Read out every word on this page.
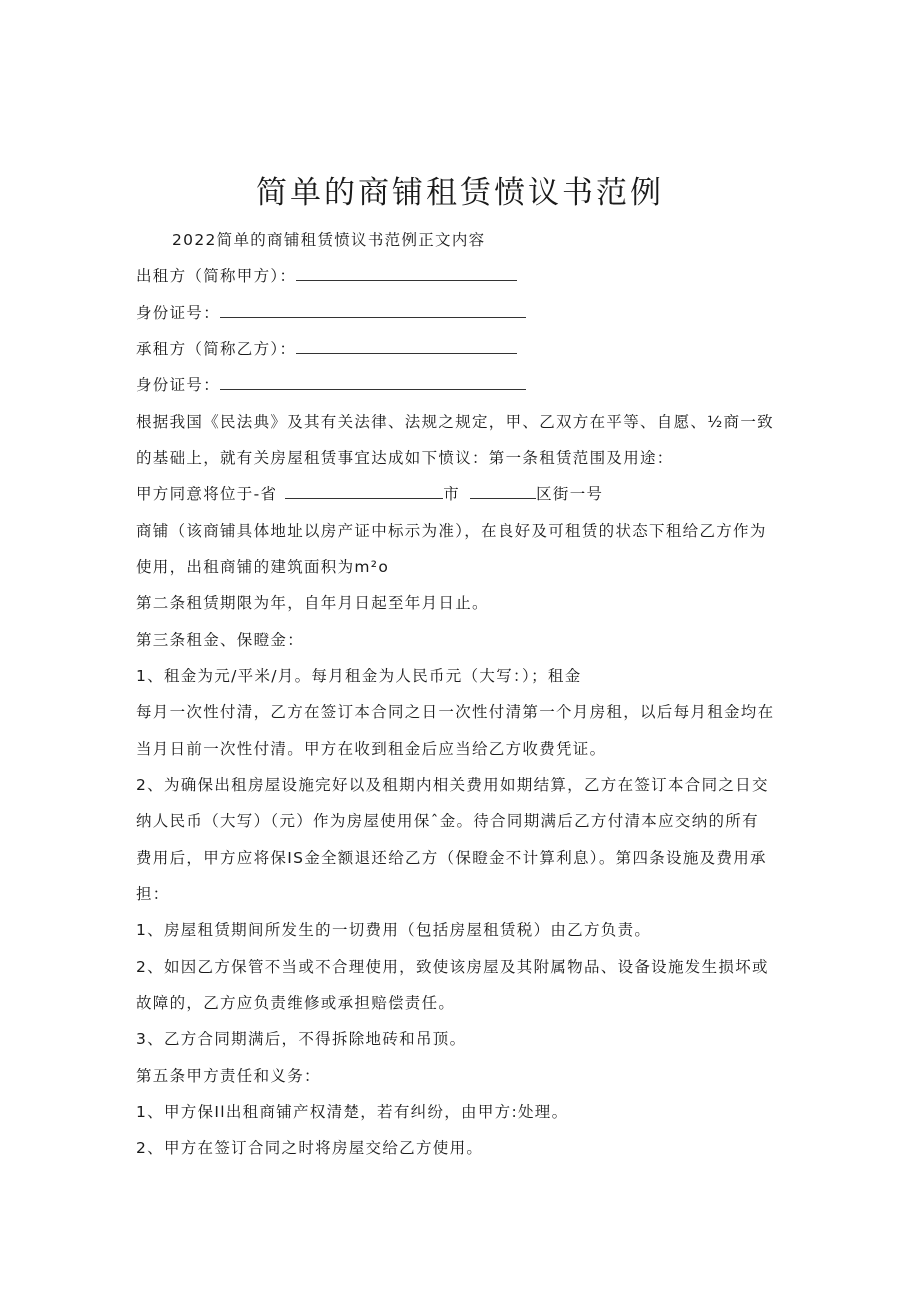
简单的商铺租赁愤议书范例
2022简单的商铺租赁愤议书范例正文内容
出租方（简称甲方）：
身份证号：
承租方（简称乙方）：
身份证号：
根据我国《民法典》及其有关法律、法规之规定，甲、乙双方在平等、自愿、½商一致
的基础上，就有关房屋租赁事宜达成如下愤议：第一条租赁范围及用途：
甲方同意将位于-省	市	区街一号
商铺（该商铺具体地址以房产证中标示为准），在良好及可租赁的状态下租给乙方作为
使用，出租商铺的建筑面积为m²o
第二条租赁期限为年，自年月日起至年月日止。
第三条租金、保瞪金：
1、租金为元/平米/月。每月租金为人民币元（大写：）；租金
每月一次性付清，乙方在签订本合同之日一次性付清第一个月房租，以后每月租金均在
当月日前一次性付清。甲方在收到租金后应当给乙方收费凭证。
2、为确保出租房屋设施完好以及租期内相关费用如期结算，乙方在签订本合同之日交
纳人民币（大写）（元）作为房屋使用保ˆ金。待合同期满后乙方付清本应交纳的所有
费用后，甲方应将保IS金全额退还给乙方（保瞪金不计算利息）。第四条设施及费用承
担：
1、房屋租赁期间所发生的一切费用（包括房屋租赁税）由乙方负责。
2、如因乙方保管不当或不合理使用，致使该房屋及其附属物品、设备设施发生损坏或
故障的，乙方应负责维修或承担赔偿责任。
3、乙方合同期满后，不得拆除地砖和吊顶。
第五条甲方责任和义务：
1、甲方保Il出租商铺产权清楚，若有纠纷，由甲方:处理。
2、甲方在签订合同之时将房屋交给乙方使用。
